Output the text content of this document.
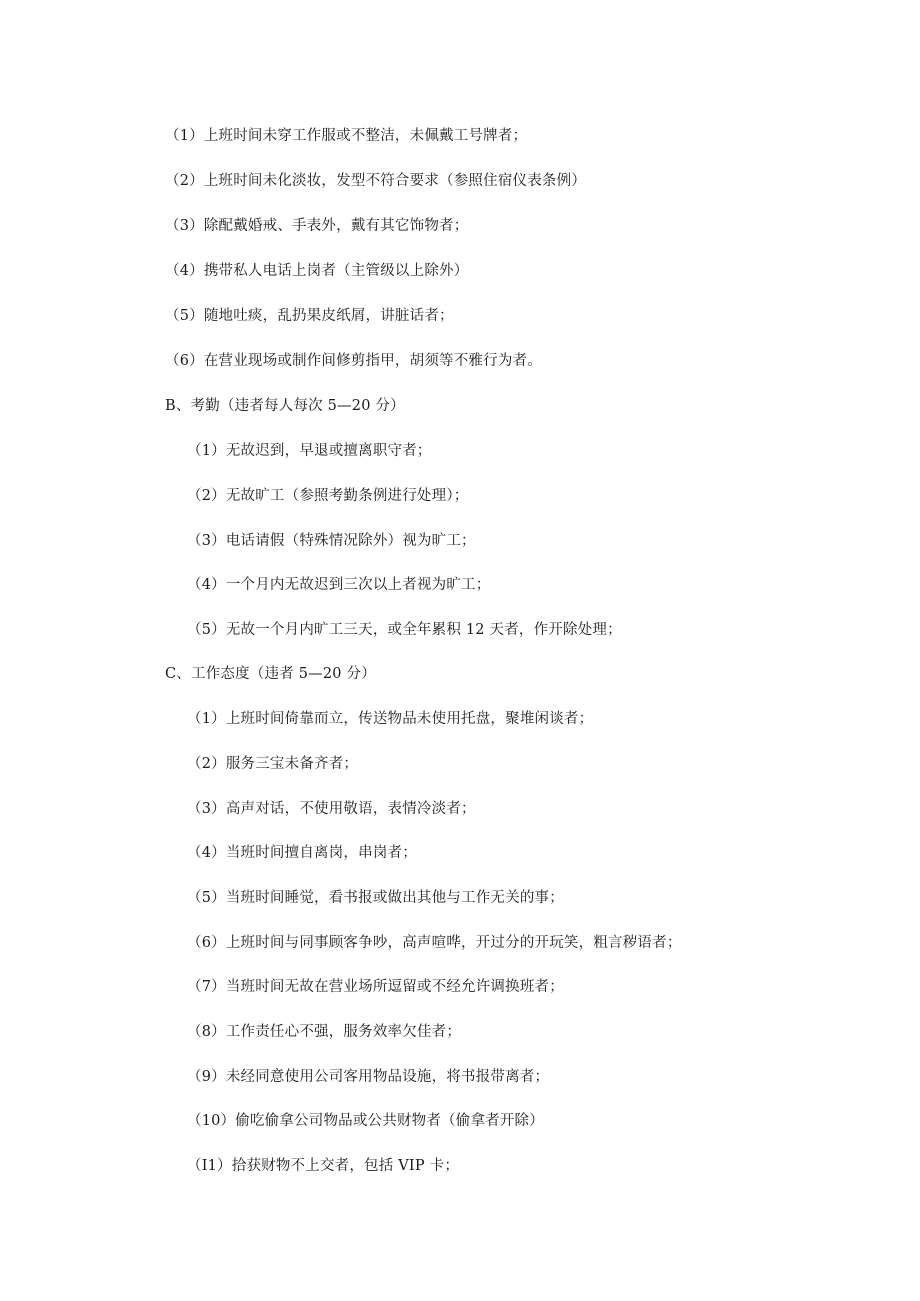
（1）上班时间未穿工作服或不整洁，未佩戴工号牌者；
（2）上班时间未化淡妆，发型不符合要求（参照住宿仪表条例）
（3）除配戴婚戒、手表外，戴有其它饰物者；
（4）携带私人电话上岗者（主管级以上除外）
（5）随地吐痰，乱扔果皮纸屑，讲脏话者；
（6）在营业现场或制作间修剪指甲，胡须等不雅行为者。
B、考勤（违者每人每次 5—20 分）
（1）无故迟到，早退或擅离职守者；
（2）无故旷工（参照考勤条例进行处理）；
（3）电话请假（特殊情况除外）视为旷工；
（4）一个月内无故迟到三次以上者视为旷工；
（5）无故一个月内旷工三天，或全年累积 12 天者，作开除处理；
C、工作态度（违者 5—20 分）
（1）上班时间倚靠而立，传送物品未使用托盘，聚堆闲谈者；
（2）服务三宝未备齐者；
（3）高声对话，不使用敬语，表情冷淡者；
（4）当班时间擅自离岗，串岗者；
（5）当班时间睡觉，看书报或做出其他与工作无关的事；
（6）上班时间与同事顾客争吵，高声喧哗，开过分的开玩笑，粗言秽语者；
（7）当班时间无故在营业场所逗留或不经允许调换班者；
（8）工作责任心不强，服务效率欠佳者；
（9）未经同意使用公司客用物品设施，将书报带离者；
（10）偷吃偷拿公司物品或公共财物者（偷拿者开除）
（I1）拾获财物不上交者，包括 VIP 卡；
